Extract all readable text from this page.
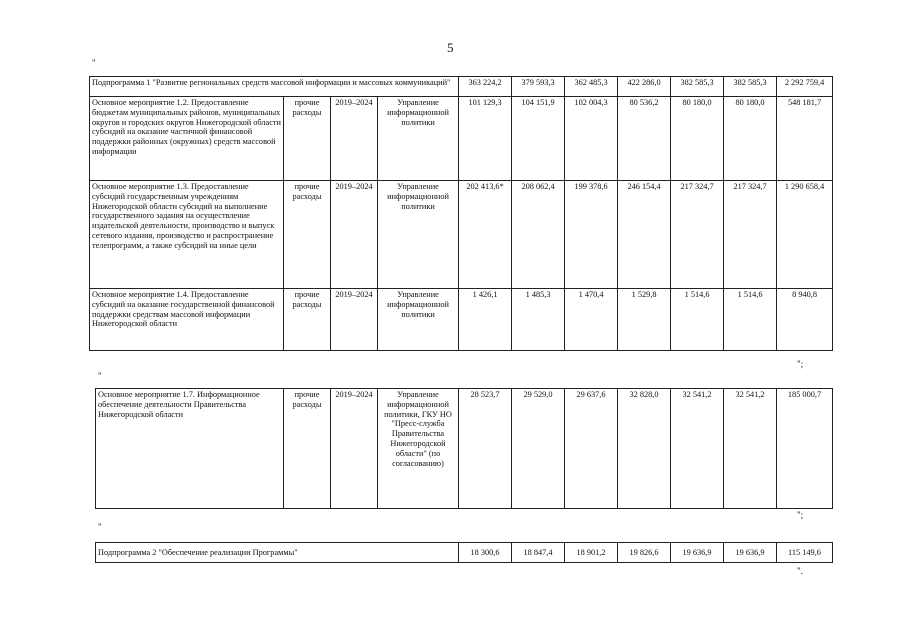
5
"
Подпрограмма 1 "Развитие региональных средств массовой информации и массовых коммуникаций"				363 224,2	379 593,3	362 485,3	422 286,0	382 585,3	382 585,3	2 292 759,4
Основное мероприятие 1.2. Предоставление бюджетам муниципальных районов, муниципальных округов и городских округов Нижегородской области субсидий на оказание частичной финансовой поддержки районных (окружных) средств массовой информации	прочие расходы	2019–2024	Управление информационной политики	101 129,3	104 151,9	102 004,3	80 536,2	80 180,0	80 180,0	548 181,7
Основное мероприятие 1.3. Предоставление субсидий государственным учреждениям Нижегородской области субсидий на выполнение государственного задания на осуществление издательской деятельности, производство и выпуск сетевого издания, производство и распространение телепрограмм, а также субсидий на иные цели	прочие расходы	2019–2024	Управление информационной политики	202 413,6*	208 062,4	199 378,6	246 154,4	217 324,7	217 324,7	1 290 658,4
Основное мероприятие 1.4. Предоставление субсидий на оказание государственной финансовой поддержки средствам массовой информации Нижегородской области	прочие расходы	2019–2024	Управление информационной политики	1 426,1	1 485,3	1 470,4	1 529,8	1 514,6	1 514,6	8 940,8
";
"
Основное мероприятие 1.7. Информационное обеспечение деятельности Правительства Нижегородской области	прочие расходы	2019–2024	Управление информационной политики, ГКУ НО "Пресс-служба Правительства Нижегородской области" (по согласованию)	28 523,7	29 529,0	29 637,6	32 828,0	32 541,2	32 541,2	185 000,7
";
"
Подпрограмма 2 "Обеспечение реализации Программы"	18 300,6	18 847,4	18 901,2	19 826,6	19 636,9	19 636,9	115 149,6
".
